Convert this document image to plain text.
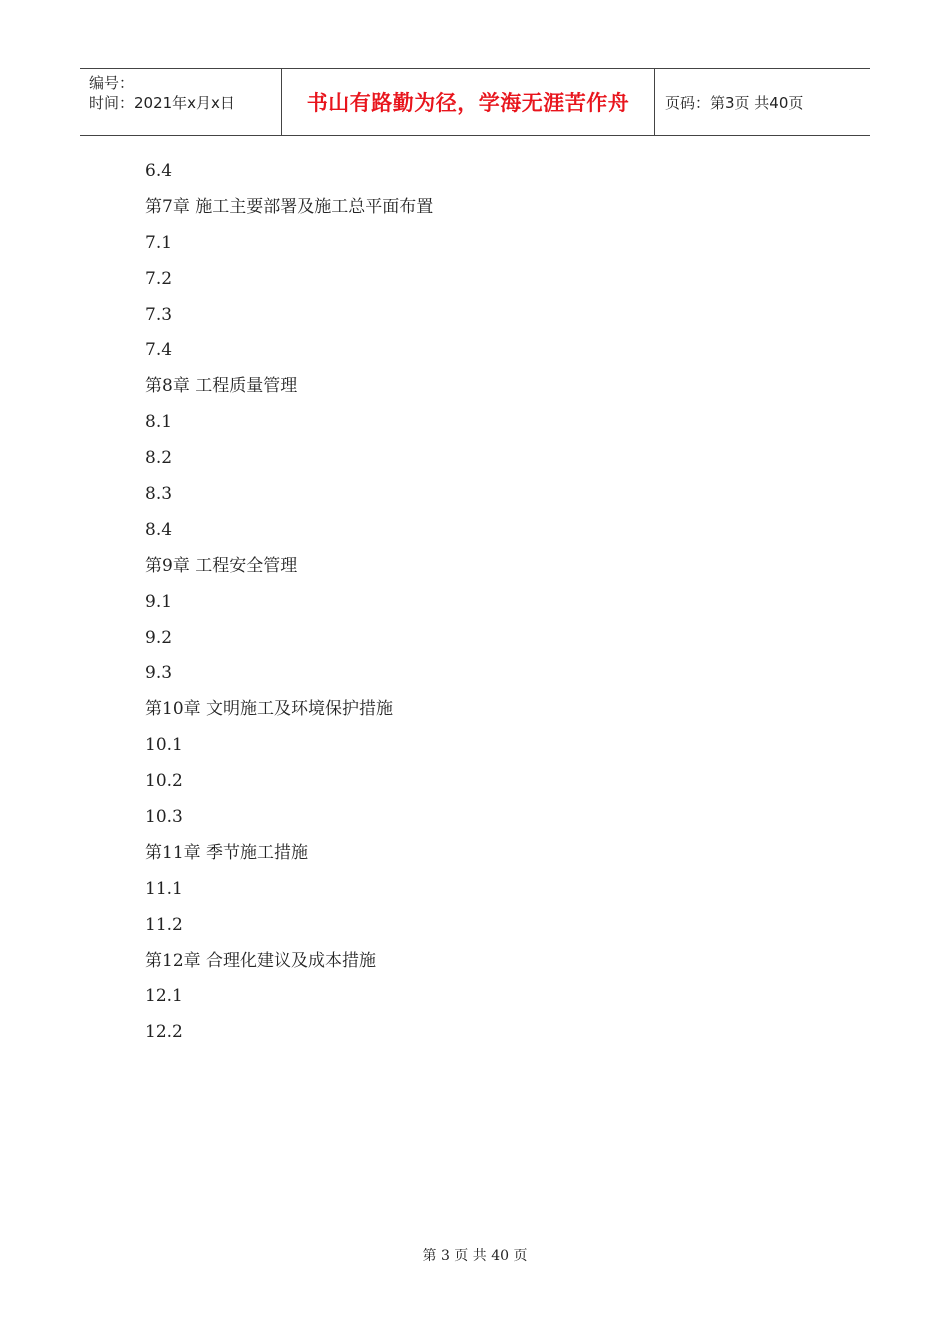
编号：
时间：2021年x月x日	书山有路勤为径，学海无涯苦作舟	页码：第3页 共40页
6.4
第7章 施工主要部署及施工总平面布置
7.1
7.2
7.3
7.4
第8章 工程质量管理
8.1
8.2
8.3
8.4
第9章 工程安全管理
9.1
9.2
9.3
第10章 文明施工及环境保护措施
10.1
10.2
10.3
第11章 季节施工措施
11.1
11.2
第12章 合理化建议及成本措施
12.1
12.2
第 3 页 共 40 页
